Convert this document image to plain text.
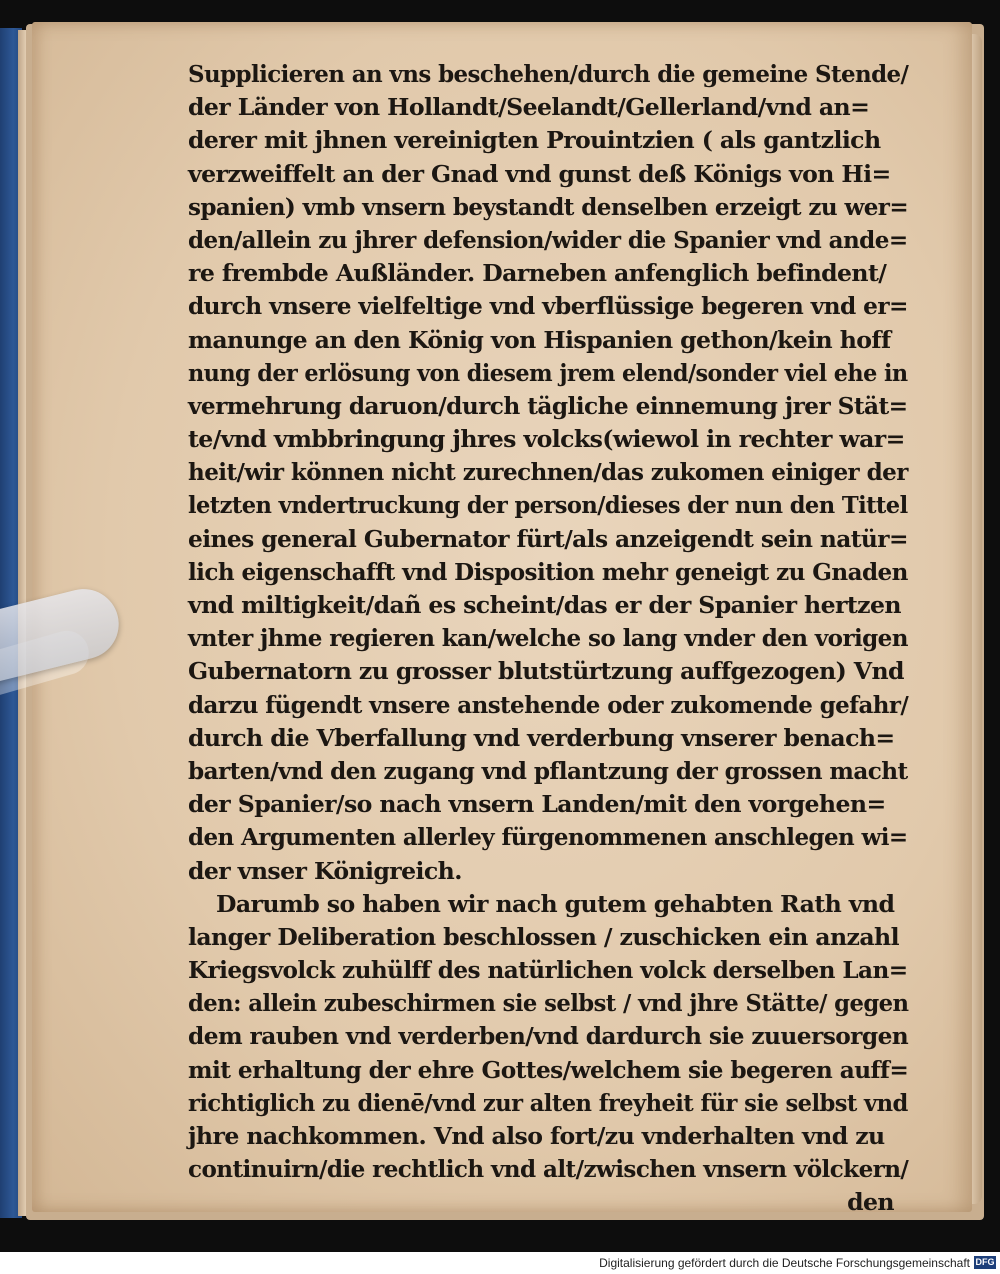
Supplicieren an vns beschehen/durch die gemeine Stende/
der Länder von Hollandt/Seelandt/Gellerland/vnd an=
derer mit jhnen vereinigten Prouintzien ( als gantzlich
verzweiffelt an der Gnad vnd gunst deß Königs von Hi=
spanien) vmb vnsern beystandt denselben erzeigt zu wer=
den/allein zu jhrer defension/wider die Spanier vnd ande=
re frembde Außländer. Darneben anfenglich befindent/
durch vnsere vielfeltige vnd vberflüssige begeren vnd er=
manunge an den König von Hispanien gethon/kein hoff
nung der erlösung von diesem jrem elend/sonder viel ehe in
vermehrung daruon/durch tägliche einnemung jrer Stät=
te/vnd vmbbringung jhres volcks(wiewol in rechter war=
heit/wir können nicht zurechnen/das zukomen einiger der
letzten vndertruckung der person/dieses der nun den Tittel
eines general Gubernator fürt/als anzeigendt sein natür=
lich eigenschafft vnd Disposition mehr geneigt zu Gnaden
vnd miltigkeit/dañ es scheint/das er der Spanier hertzen
vnter jhme regieren kan/welche so lang vnder den vorigen
Gubernatorn zu grosser blutstürtzung auffgezogen) Vnd
darzu fügendt vnsere anstehende oder zukomende gefahr/
durch die Vberfallung vnd verderbung vnserer benach=
barten/vnd den zugang vnd pflantzung der grossen macht
der Spanier/so nach vnsern Landen/mit den vorgehen=
den Argumenten allerley fürgenommenen anschlegen wi=
der vnser Königreich.
Darumb so haben wir nach gutem gehabten Rath vnd
langer Deliberation beschlossen / zuschicken ein anzahl
Kriegsvolck zuhülff des natürlichen volck derselben Lan=
den: allein zubeschirmen sie selbst / vnd jhre Stätte/ gegen
dem rauben vnd verderben/vnd dardurch sie zuuersorgen
mit erhaltung der ehre Gottes/welchem sie begeren auff=
richtiglich zu dienē/vnd zur alten freyheit für sie selbst vnd
jhre nachkommen. Vnd also fort/zu vnderhalten vnd zu
continuirn/die rechtlich vnd alt/zwischen vnsern völckern/
den
Digitalisierung gefördert durch die Deutsche Forschungsgemeinschaft DFG
